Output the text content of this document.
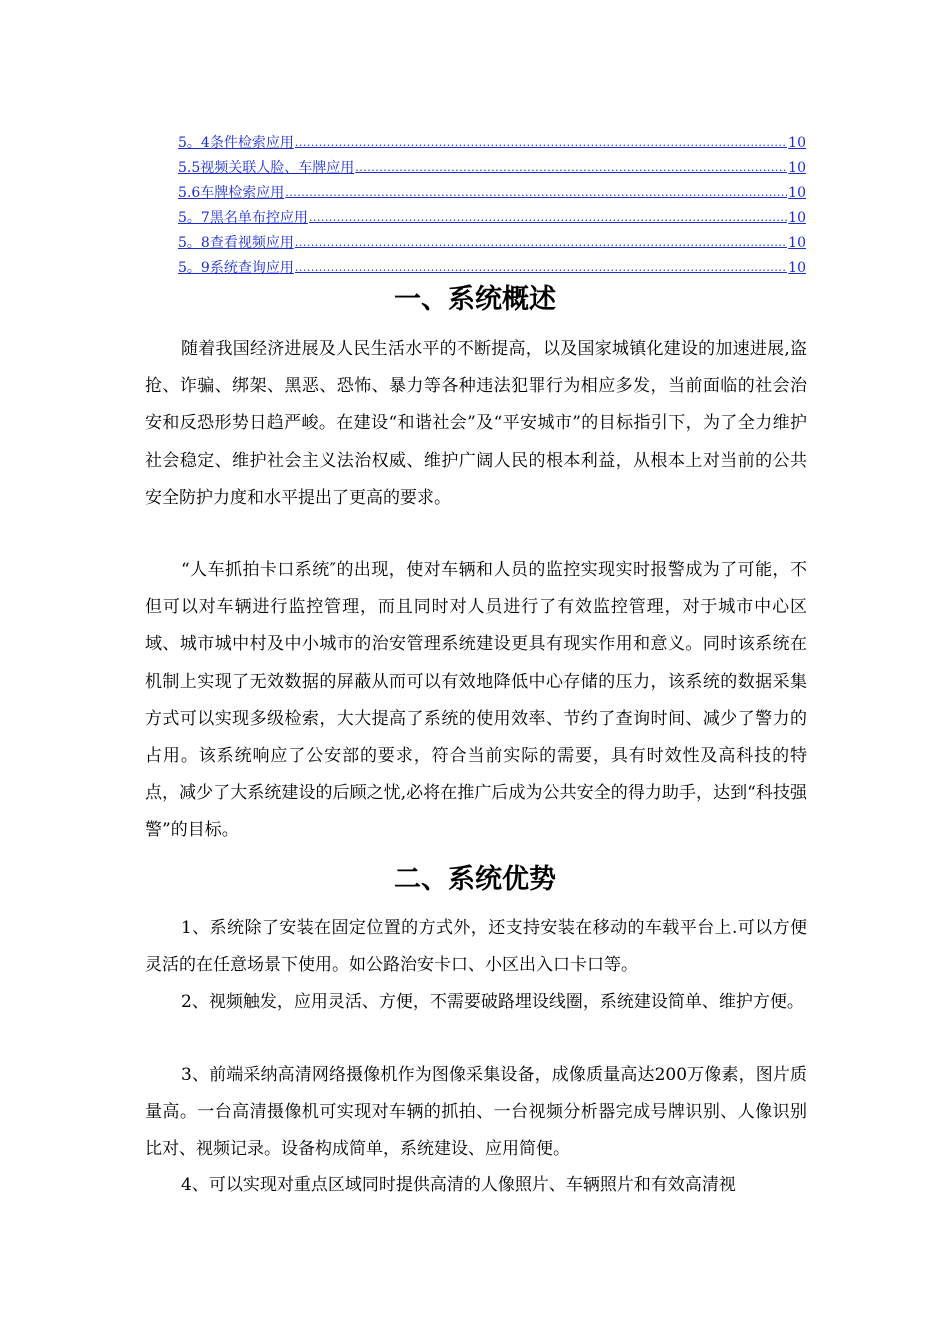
5。4条件检索应用 .....	10
5.5视频关联人脸、车牌应用 .....	10
5.6车牌检索应用 .....	10
5。7黑名单布控应用 .....	10
5。8查看视频应用 .....	10
5。9系统查询应用 .....	10
一、系统概述

随着我国经济进展及人民生活水平的不断提高，以及国家城镇化建设的加速进展,盗抢、诈骗、绑架、黑恶、恐怖、暴力等各种违法犯罪行为相应多发，当前面临的社会治安和反恐形势日趋严峻。在建设“和谐社会”及“平安城市”的目标指引下，为了全力维护社会稳定、维护社会主义法治权威、维护广阔人民的根本利益，从根本上对当前的公共安全防护力度和水平提出了更高的要求。

“人车抓拍卡口系统″的出现，使对车辆和人员的监控实现实时报警成为了可能，不但可以对车辆进行监控管理，而且同时对人员进行了有效监控管理，对于城市中心区域、城市城中村及中小城市的治安管理系统建设更具有现实作用和意义。同时该系统在机制上实现了无效数据的屏蔽从而可以有效地降低中心存储的压力，该系统的数据采集方式可以实现多级检索，大大提高了系统的使用效率、节约了查询时间、减少了警力的占用。该系统响应了公安部的要求，符合当前实际的需要，具有时效性及高科技的特点，减少了大系统建设的后顾之忧,必将在推广后成为公共安全的得力助手，达到“科技强警”的目标。

二、系统优势

1、系统除了安装在固定位置的方式外，还支持安装在移动的车载平台上.可以方便灵活的在任意场景下使用。如公路治安卡口、小区出入口卡口等。

2、视频触发，应用灵活、方便，不需要破路埋设线圈，系统建设简单、维护方便。

3、前端采纳高清网络摄像机作为图像采集设备，成像质量高达200万像素，图片质量高。一台高清摄像机可实现对车辆的抓拍、一台视频分析器完成号牌识别、人像识别比对、视频记录。设备构成简单，系统建设、应用简便。

4、可以实现对重点区域同时提供高清的人像照片、车辆照片和有效高清视
